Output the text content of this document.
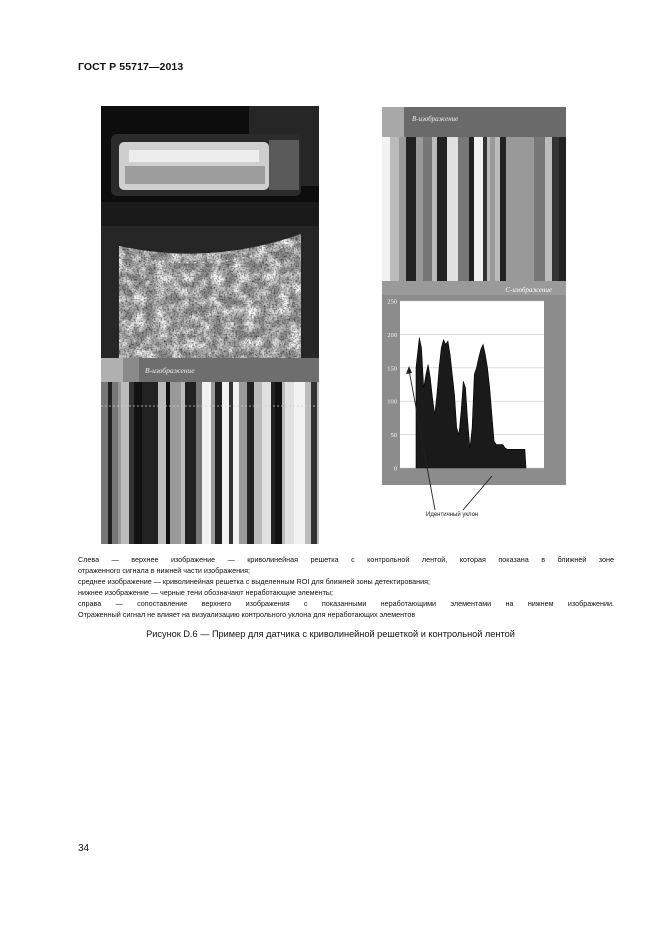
ГОСТ Р 55717—2013
B-изображение
B-изображение
C-изображение
0
50
100
150
200
250
Идентичный уклон

Слева — верхнее изображение — криволинейная решетка с контрольной лентой, которая показана в ближней зоне

отраженного сигнала в нижней части изображения;

среднее изображение — криволинейная решетка с выделенным ROI для ближней зоны детектирования;

нижнее изображение — черные тени обозначают неработающие элементы;

справа — сопоставление верхнего изображения с показанными неработающими элементами на нижнем изображении.

Отраженный сигнал не влияет на визуализацию контрольного уклона для неработающих элементов

Рисунок D.6 — Пример для датчика с криволинейной решеткой и контрольной лентой
34
